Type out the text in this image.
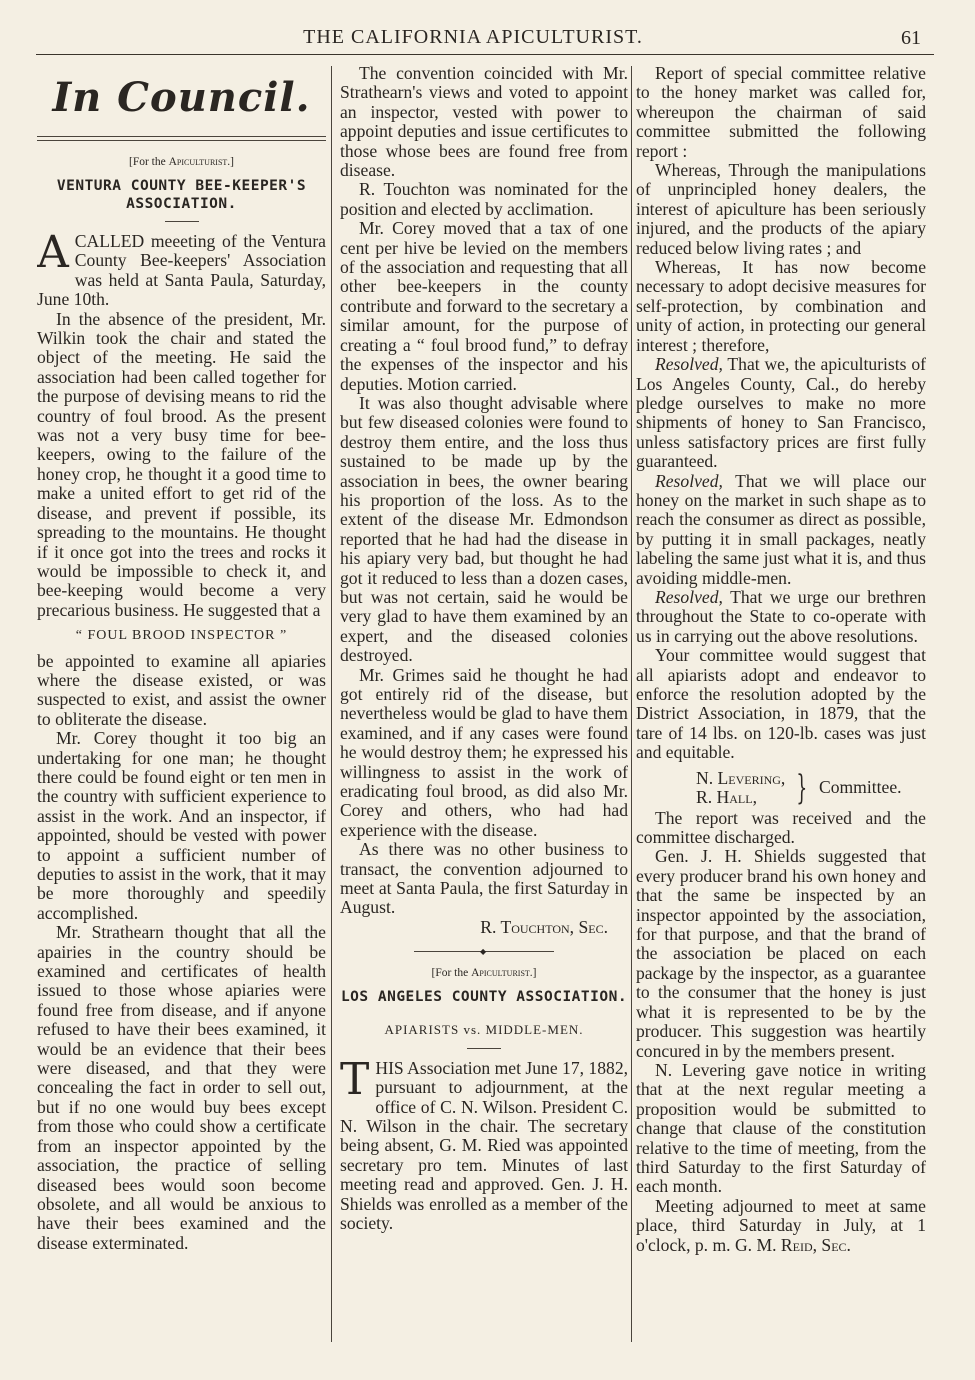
THE CALIFORNIA APICULTURIST.	61
In Council.
[For the Apiculturist.]
VENTURA COUNTY BEE-KEEPER'S ASSOCIATION.

ACALLED meeeting of the Ventura County Bee-keepers' Association was held at Santa Paula, Saturday, June 10th.

In the absence of the president, Mr. Wilkin took the chair and stated the object of the meeting. He said the association had been called together for the purpose of devising means to rid the country of foul brood. As the present was not a very busy time for bee-keepers, owing to the failure of the honey crop, he thought it a good time to make a united effort to get rid of the disease, and prevent if possible, its spreading to the mountains. He thought if it once got into the trees and rocks it would be impossible to check it, and bee-keeping would become a very precarious business. He suggested that a

“ FOUL BROOD INSPECTOR ”

be appointed to examine all apiaries where the disease existed, or was suspected to exist, and assist the owner to obliterate the disease.

Mr. Corey thought it too big an undertaking for one man; he thought there could be found eight or ten men in the country with sufficient experience to assist in the work. And an inspector, if appointed, should be vested with power to appoint a sufficient number of deputies to assist in the work, that it may be more thoroughly and speedily accomplished.

Mr. Strathearn thought that all the apairies in the country should be examined and certificates of health issued to those whose apiaries were found free from disease, and if anyone refused to have their bees examined, it would be an evidence that their bees were diseased, and that they were concealing the fact in order to sell out, but if no one would buy bees except from those who could show a certificate from an inspector appointed by the association, the practice of selling diseased bees would soon become obsolete, and all would be anxious to have their bees examined and the disease exterminated.

The convention coincided with Mr. Strathearn's views and voted to appoint an inspector, vested with power to appoint deputies and issue certificutes to those whose bees are found free from disease.

R. Touchton was nominated for the position and elected by acclimation.

Mr. Corey moved that a tax of one cent per hive be levied on the members of the association and requesting that all other bee-keepers in the county contribute and forward to the secretary a similar amount, for the purpose of creating a “ foul brood fund,” to defray the expenses of the inspector and his deputies. Motion carried.

It was also thought advisable where but few diseased colonies were found to destroy them entire, and the loss thus sustained to be made up by the association in bees, the owner bearing his proportion of the loss. As to the extent of the disease Mr. Edmondson reported that he had had the disease in his apiary very bad, but thought he had got it reduced to less than a dozen cases, but was not certain, said he would be very glad to have them examined by an expert, and the diseased colonies destroyed.

Mr. Grimes said he thought he had got entirely rid of the disease, but nevertheless would be glad to have them examined, and if any cases were found he would destroy them; he expressed his willingness to assist in the work of eradicating foul brood, as did also Mr. Corey and others, who had had experience with the disease.

As there was no other business to transact, the convention adjourned to meet at Santa Paula, the first Saturday in August.

R. Touchton, Sec.

◆
[For the Apiculturist.]
LOS ANGELES COUNTY ASSOCIATION.
APIARISTS vs. MIDDLE-MEN.

THIS Association met June 17, 1882, pursuant to adjournment, at the office of C. N. Wilson. President C. N. Wilson in the chair. The secretary being absent, G. M. Ried was appointed secretary pro tem. Minutes of last meeting read and approved. Gen. J. H. Shields was enrolled as a member of the society.

Report of special committee relative to the honey market was called for, whereupon the chairman of said committee submitted the following report :

Whereas, Through the manipulations of unprincipled honey dealers, the interest of apiculture has been seriously injured, and the products of the apiary reduced below living rates ; and

Whereas, It has now become necessary to adopt decisive measures for self-protection, by combination and unity of action, in protecting our general interest ; therefore,

Resolved, That we, the apiculturists of Los Angeles County, Cal., do hereby pledge ourselves to make no more shipments of honey to San Francisco, unless satisfactory prices are first fully guaranteed.

Resolved, That we will place our honey on the market in such shape as to reach the consumer as direct as possible, by putting it in small packages, neatly labeling the same just what it is, and thus avoiding middle-men.

Resolved, That we urge our brethren throughout the State to co-operate with us in carrying out the above resolutions.

Your committee would suggest that all apiarists adopt and endeavor to enforce the resolution adopted by the District Association, in 1879, that the tare of 14 lbs. on 120-lb. cases was just and equitable.

N. Levering,
R. Hall,	} Committee.

The report was received and the committee discharged.

Gen. J. H. Shields suggested that every producer brand his own honey and that the same be inspected by an inspector appointed by the association, for that purpose, and that the brand of the association be placed on each package by the inspector, as a guarantee to the consumer that the honey is just what it is represented to be by the producer. This suggestion was heartily concured in by the members present.

N. Levering gave notice in writing that at the next regular meeting a proposition would be submitted to change that clause of the constitution relative to the time of meeting, from the third Saturday to the first Saturday of each month.

Meeting adjourned to meet at same place, third Saturday in July, at 1 o'clock, p. m. G. M. Reid, Sec.
